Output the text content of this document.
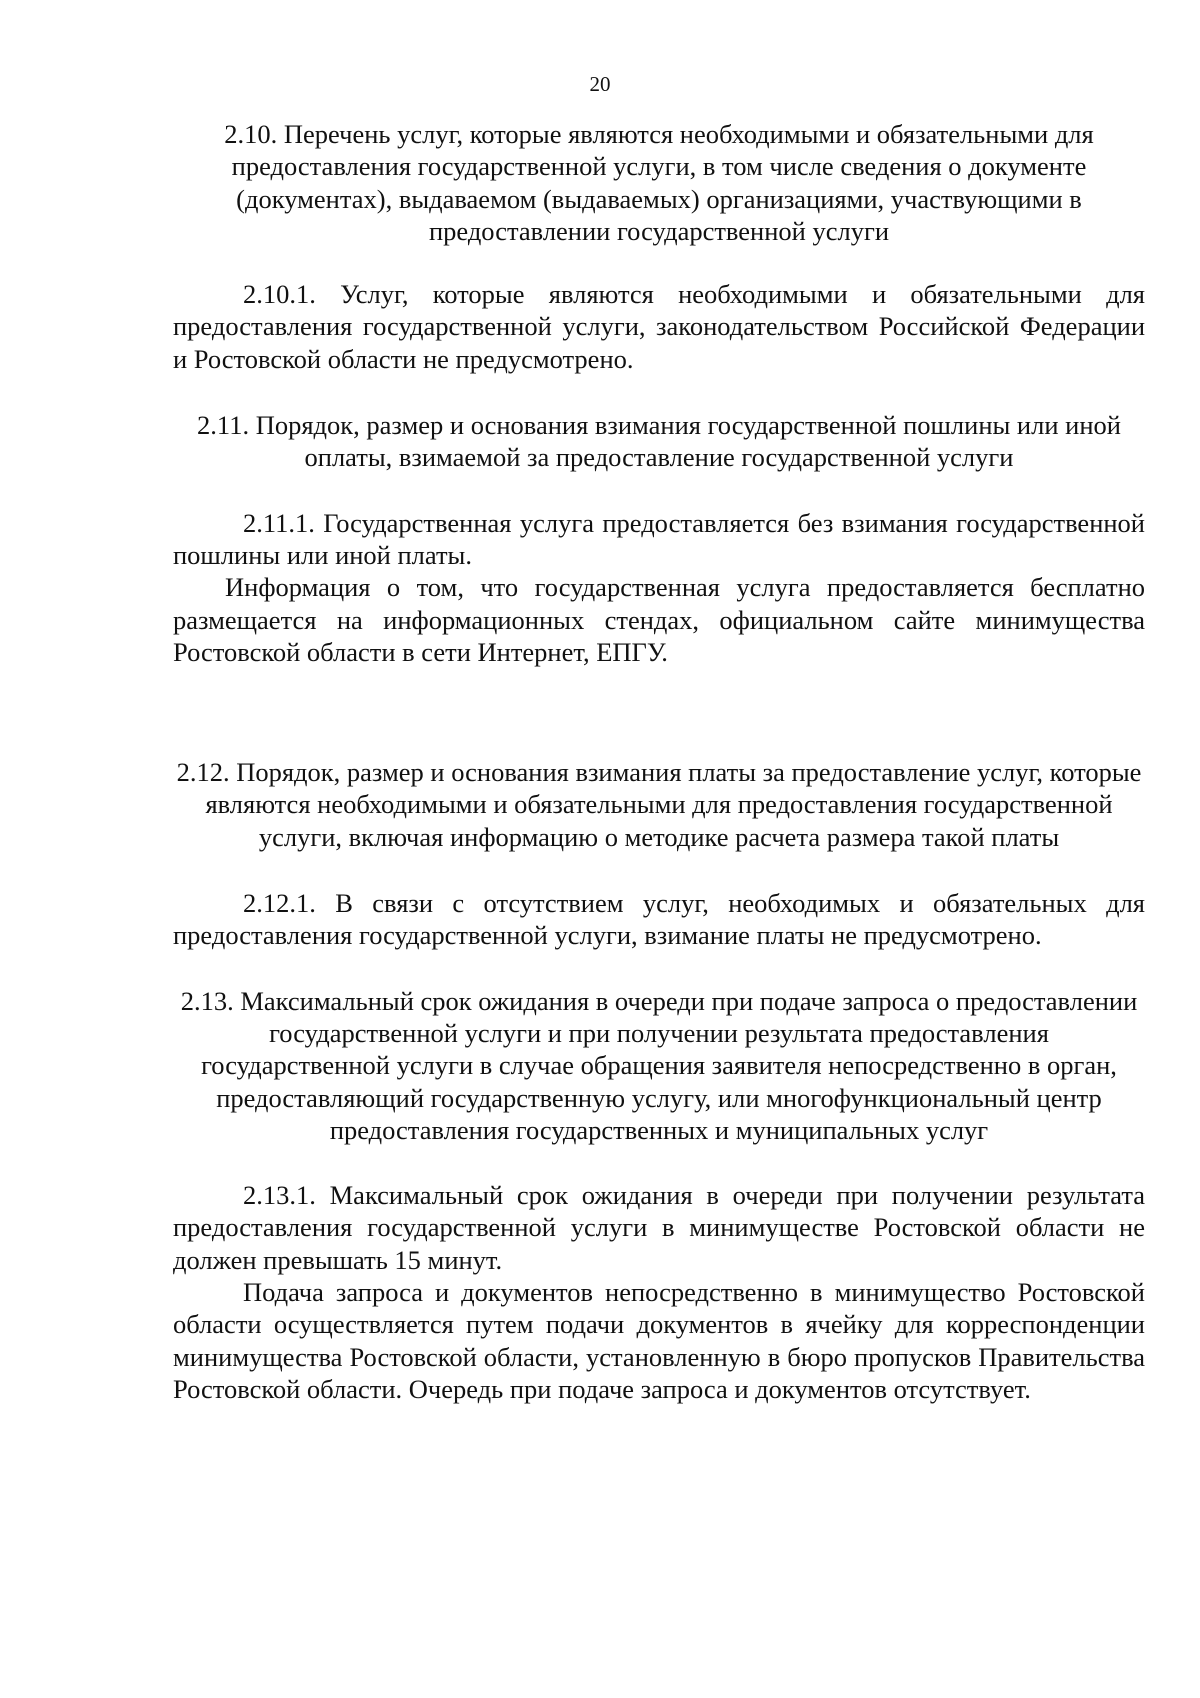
20

2.10. Перечень услуг, которые являются необходимыми и обязательными для предоставления государственной услуги, в том числе сведения о документе (документах), выдаваемом (выдаваемых) организациями, участвующими в предоставлении государственной услуги

2.10.1. Услуг, которые являются необходимыми и обязательными для предоставления государственной услуги, законодательством Российской Федерации и Ростовской области не предусмотрено.

2.11. Порядок, размер и основания взимания государственной пошлины или иной оплаты, взимаемой за предоставление государственной услуги

2.11.1. Государственная услуга предоставляется без взимания государственной пошлины или иной платы.

Информация о том, что государственная услуга предоставляется бесплатно размещается на информационных стендах, официальном сайте минимущества Ростовской области в сети Интернет, ЕПГУ.

2.12. Порядок, размер и основания взимания платы за предоставление услуг, которые являются необходимыми и обязательными для предоставления государственной услуги, включая информацию о методике расчета размера такой платы

2.12.1. В связи с отсутствием услуг, необходимых и обязательных для предоставления государственной услуги, взимание платы не предусмотрено.

2.13. Максимальный срок ожидания в очереди при подаче запроса о предоставлении государственной услуги и при получении результата предоставления государственной услуги в случае обращения заявителя непосредственно в орган, предоставляющий государственную услугу, или многофункциональный центр предоставления государственных и муниципальных услуг

2.13.1. Максимальный срок ожидания в очереди при получении результата предоставления государственной услуги в минимуществе Ростовской области не должен превышать 15 минут.

Подача запроса и документов непосредственно в минимущество Ростовской области осуществляется путем подачи документов в ячейку для корреспонденции минимущества Ростовской области, установленную в бюро пропусков Правительства Ростовской области. Очередь при подаче запроса и документов отсутствует.
